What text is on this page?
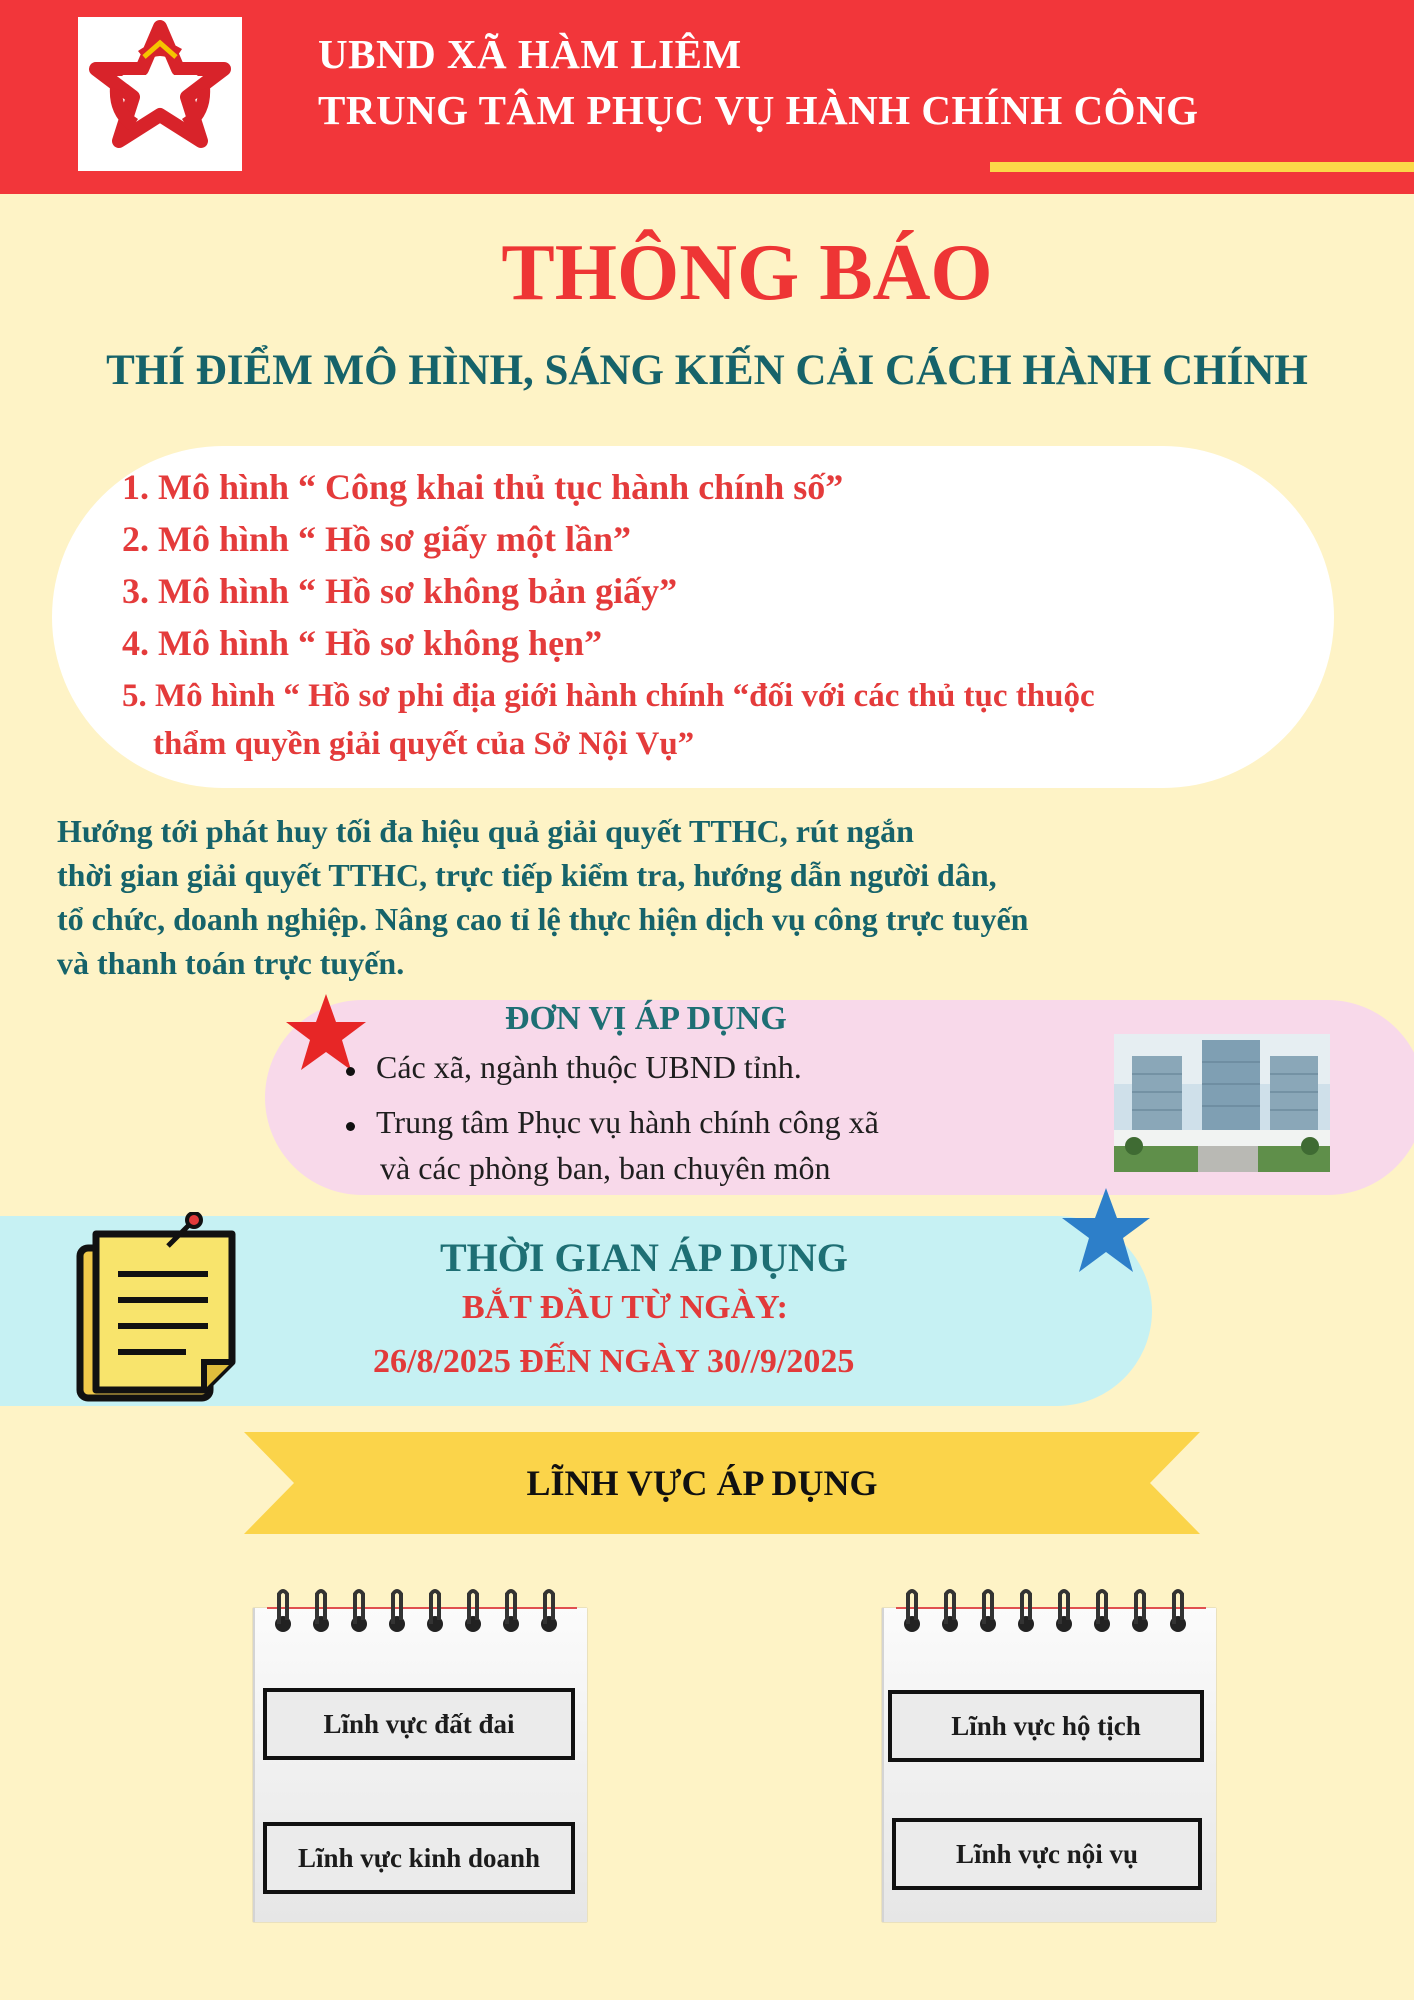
UBND XÃ HÀM LIÊM
TRUNG TÂM PHỤC VỤ HÀNH CHÍNH CÔNG
THÔNG BÁO
THÍ ĐIỂM MÔ HÌNH, SÁNG KIẾN CẢI CÁCH HÀNH CHÍNH
1. Mô hình “ Công khai thủ tục hành chính số”
2. Mô hình “ Hồ sơ giấy một lần”
3. Mô hình “ Hồ sơ không bản giấy”
4. Mô hình “ Hồ sơ không hẹn”
5. Mô hình “ Hồ sơ phi địa giới hành chính “đối với các thủ tục thuộc
thẩm quyền giải quyết của Sở Nội Vụ”
Hướng tới phát huy tối đa hiệu quả giải quyết TTHC, rút ngắn
thời gian giải quyết TTHC, trực tiếp kiểm tra, hướng dẫn người dân,
tổ chức, doanh nghiệp. Nâng cao tỉ lệ thực hiện dịch vụ công trực tuyến
và thanh toán trực tuyến.
ĐƠN VỊ ÁP DỤNG
Các xã, ngành thuộc UBND tỉnh.
Trung tâm Phục vụ hành chính công xã
và các phòng ban, ban chuyên môn
THỜI GIAN ÁP DỤNG
BẮT ĐẦU TỪ NGÀY:
26/8/2025 ĐẾN NGÀY 30//9/2025
LĨNH VỰC ÁP DỤNG
Lĩnh vực đất đai
Lĩnh vực kinh doanh
Lĩnh vực hộ tịch
Lĩnh vực nội vụ
